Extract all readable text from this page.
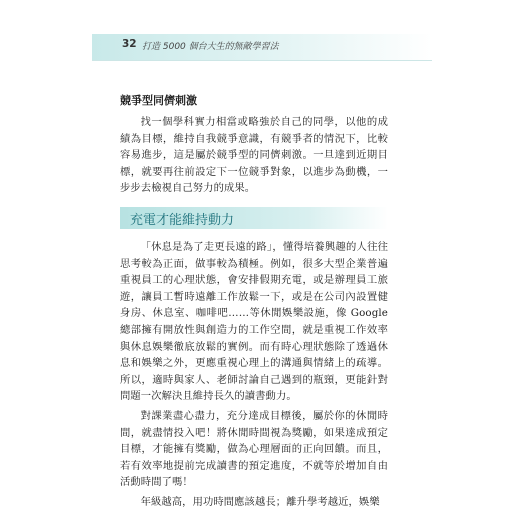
32 打造 5000 個台大生的無敵學習法
競爭型同儕刺激

找一個學科實力相當或略強於自己的同學，以他的成績為目標，維持自我競爭意識，有競爭者的情況下，比較容易進步，這是屬於競爭型的同儕刺激。一旦達到近期目標，就要再往前設定下一位競爭對象，以進步為動機，一步步去檢視自己努力的成果。

充電才能維持動力

「休息是為了走更長遠的路」，懂得培養興趣的人往往思考較為正面，做事較為積極。例如，很多大型企業普遍重視員工的心理狀態，會安排假期充電，或是辦理員工旅遊，讓員工暫時遠離工作放鬆一下，或是在公司內設置健身房、休息室、咖啡吧……等休閒娛樂設施，像 Google 總部擁有開放性與創造力的工作空間，就是重視工作效率與休息娛樂徹底放鬆的實例。而有時心理狀態除了透過休息和娛樂之外，更應重視心理上的溝通與情緒上的疏導。所以，適時與家人、老師討論自己遇到的瓶頸，更能針對問題一次解決且維持長久的讀書動力。

對課業盡心盡力，充分達成目標後，屬於你的休閒時間，就盡情投入吧！將休閒時間視為獎勵，如果達成預定目標，才能擁有獎勵，做為心理層面的正向回饋。而且，若有效率地提前完成讀書的預定進度，不就等於增加自由活動時間了嗎！

年級越高，用功時間應該越長；離升學考越近，娛樂
